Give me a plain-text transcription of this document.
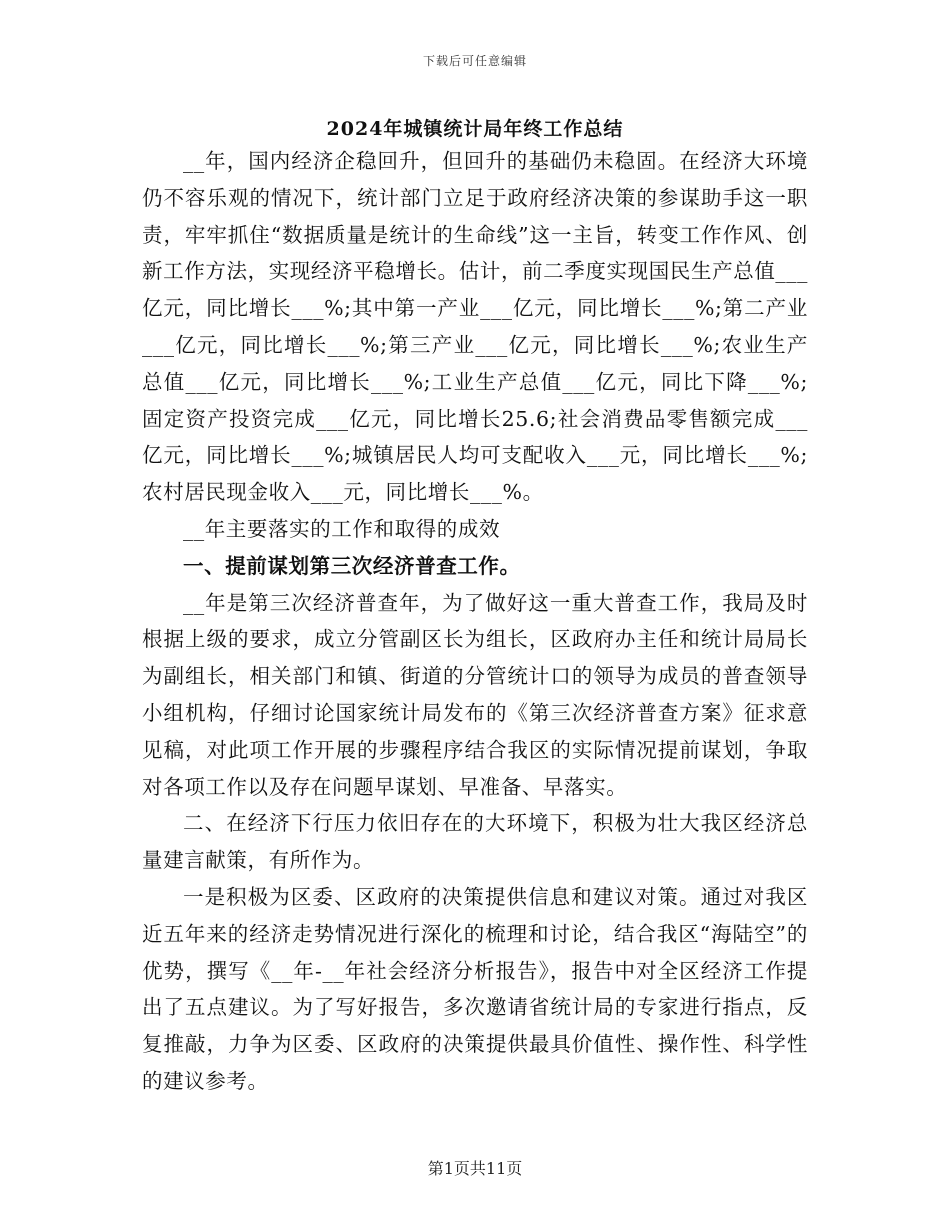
下载后可任意编辑
2024年城镇统计局年终工作总结

__年，国内经济企稳回升，但回升的基础仍未稳固。在经济大环境仍不容乐观的情况下，统计部门立足于政府经济决策的参谋助手这一职责，牢牢抓住“数据质量是统计的生命线”这一主旨，转变工作作风、创新工作方法，实现经济平稳增长。估计，前二季度实现国民生产总值___亿元，同比增长___%;其中第一产业___亿元，同比增长___%;第二产业___亿元，同比增长___%;第三产业___亿元，同比增长___%;农业生产总值___亿元，同比增长___%;工业生产总值___亿元，同比下降___%;固定资产投资完成___亿元，同比增长25.6;社会消费品零售额完成___亿元，同比增长___%;城镇居民人均可支配收入___元，同比增长___%;农村居民现金收入___元，同比增长___%。

__年主要落实的工作和取得的成效

一、提前谋划第三次经济普查工作。

__年是第三次经济普查年，为了做好这一重大普查工作，我局及时根据上级的要求，成立分管副区长为组长，区政府办主任和统计局局长为副组长，相关部门和镇、街道的分管统计口的领导为成员的普查领导小组机构，仔细讨论国家统计局发布的《第三次经济普查方案》征求意见稿，对此项工作开展的步骤程序结合我区的实际情况提前谋划，争取对各项工作以及存在问题早谋划、早准备、早落实。

二、在经济下行压力依旧存在的大环境下，积极为壮大我区经济总量建言献策，有所作为。

一是积极为区委、区政府的决策提供信息和建议对策。通过对我区近五年来的经济走势情况进行深化的梳理和讨论，结合我区“海陆空”的优势，撰写《__年-__年社会经济分析报告》，报告中对全区经济工作提出了五点建议。为了写好报告，多次邀请省统计局的专家进行指点，反复推敲，力争为区委、区政府的决策提供最具价值性、操作性、科学性的建议参考。

第1页共11页
